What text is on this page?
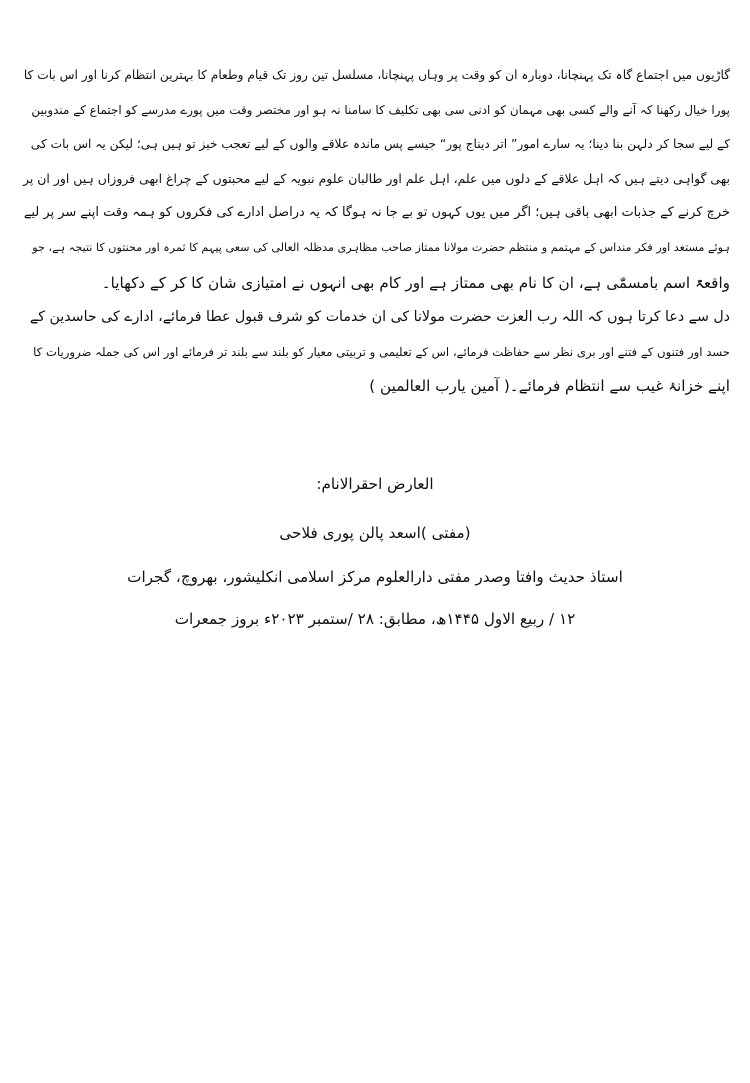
گاڑیوں میں اجتماع گاہ تک پہنچانا، دوبارہ ان کو وقت پر وہاں پہنچانا، مسلسل تین روز تک قیام وطعام کا بہترین انتظام کرنا اور اس بات کا
پورا خیال رکھنا کہ آنے والے کسی بھی مہمان کو ادنی سی بھی تکلیف کا سامنا نہ ہو اور مختصر وقت میں پورے مدرسے کو اجتماع کے مندوبین
کے لیے سجا کر دلہن بنا دینا؛ یہ سارے امور” اتر دیناج پور“ جیسے پس ماندہ علاقے والوں کے لیے تعجب خیز تو ہیں ہی؛ لیکن یہ اس بات کی
بھی گواہی دیتے ہیں کہ اہل علاقے کے دلوں میں علم، اہل علم اور طالبان علوم نبویہ کے لیے محبتوں کے چراغ ابھی فروزاں ہیں اور ان پر
خرچ کرنے کے جذبات ابھی باقی ہیں؛ اگر میں یوں کہوں تو بے جا نہ ہوگا کہ یہ دراصل ادارے کی فکروں کو ہمہ وقت اپنے سر پر لیے
ہوئے مستعد اور فکر منداس کے مہتمم و منتظم حضرت مولانا ممتاز صاحب مظاہری مدظلہ العالی کی سعی پیہم کا ثمرہ اور محنتوں کا نتیجہ ہے، جو
واقعۃً اسم بامسمّٰی ہے، ان کا نام بھی ممتاز ہے اور کام بھی انہوں نے امتیازی شان کا کر کے دکھایا۔
دل سے دعا کرتا ہوں کہ اللہ رب العزت حضرت مولانا کی ان خدمات کو شرف قبول عطا فرمائے، ادارے کی حاسدین کے
حسد اور فتنوں کے فتنے اور بری نظر سے حفاظت فرمائے، اس کے تعلیمی و تربیتی معیار کو بلند سے بلند تر فرمائے اور اس کی جملہ ضروریات کا
اپنے خزانۂ غیب سے انتظام فرمائے۔( آمین یارب العالمین )
العارض احقرالانام:
(مفتی )اسعد پالن پوری فلاحی
استاذ حدیث وافتا وصدر مفتی دارالعلوم مرکز اسلامی انکلیشور، بھروچ، گجرات
۱۲ / ربیع الاول ۱۴۴۵ھ، مطابق: ۲۸ /ستمبر ۲۰۲۳ء بروز جمعرات
